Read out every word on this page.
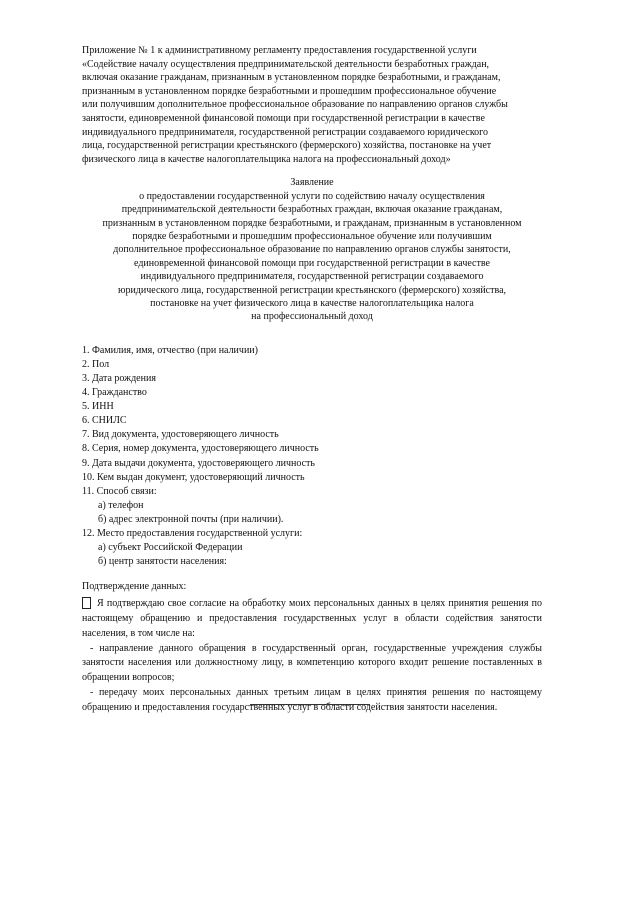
Приложение № 1 к административному регламенту предоставления государственной услуги

«Содействие началу осуществления предпринимательской деятельности безработных граждан,

включая оказание гражданам, признанным в установленном порядке безработными, и гражданам,

признанным в установленном порядке безработными и прошедшим профессиональное обучение

или получившим дополнительное профессиональное образование по направлению органов службы

занятости, единовременной финансовой помощи при государственной регистрации в качестве

индивидуального предпринимателя, государственной регистрации создаваемого юридического

лица, государственной регистрации крестьянского (фермерского) хозяйства, постановке на учет

физического лица в качестве налогоплательщика налога на профессиональный доход»

Заявление
о предоставлении государственной услуги по содействию началу осуществления
предпринимательской деятельности безработных граждан, включая оказание гражданам,
признанным в установленном порядке безработными, и гражданам, признанным в установленном
порядке безработными и прошедшим профессиональное обучение или получившим
дополнительное профессиональное образование по направлению органов службы занятости,
единовременной финансовой помощи при государственной регистрации в качестве
индивидуального предпринимателя, государственной регистрации создаваемого
юридического лица, государственной регистрации крестьянского (фермерского) хозяйства,
постановке на учет физического лица в качестве налогоплательщика налога
на профессиональный доход
1. Фамилия, имя, отчество (при наличии)
2. Пол
3. Дата рождения
4. Гражданство
5. ИНН
6. СНИЛС
7. Вид документа, удостоверяющего личность
8. Серия, номер документа, удостоверяющего личность
9. Дата выдачи документа, удостоверяющего личность
10. Кем выдан документ, удостоверяющий личность
11. Способ связи:
а) телефон
б) адрес электронной почты (при наличии).
12. Место предоставления государственной услуги:
а) субъект Российской Федерации
б) центр занятости населения:
Подтверждение данных:
Я подтверждаю свое согласие на обработку моих персональных данных в целях принятия решения по настоящему обращению и предоставления государственных услуг в области содействия занятости населения, в том числе на:
- направление данного обращения в государственный орган, государственные учреждения службы занятости населения или должностному лицу, в компетенцию которого входит решение поставленных в обращении вопросов;
- передачу моих персональных данных третьим лицам в целях принятия решения по настоящему обращению и предоставления государственных услуг в области содействия занятости населения.
